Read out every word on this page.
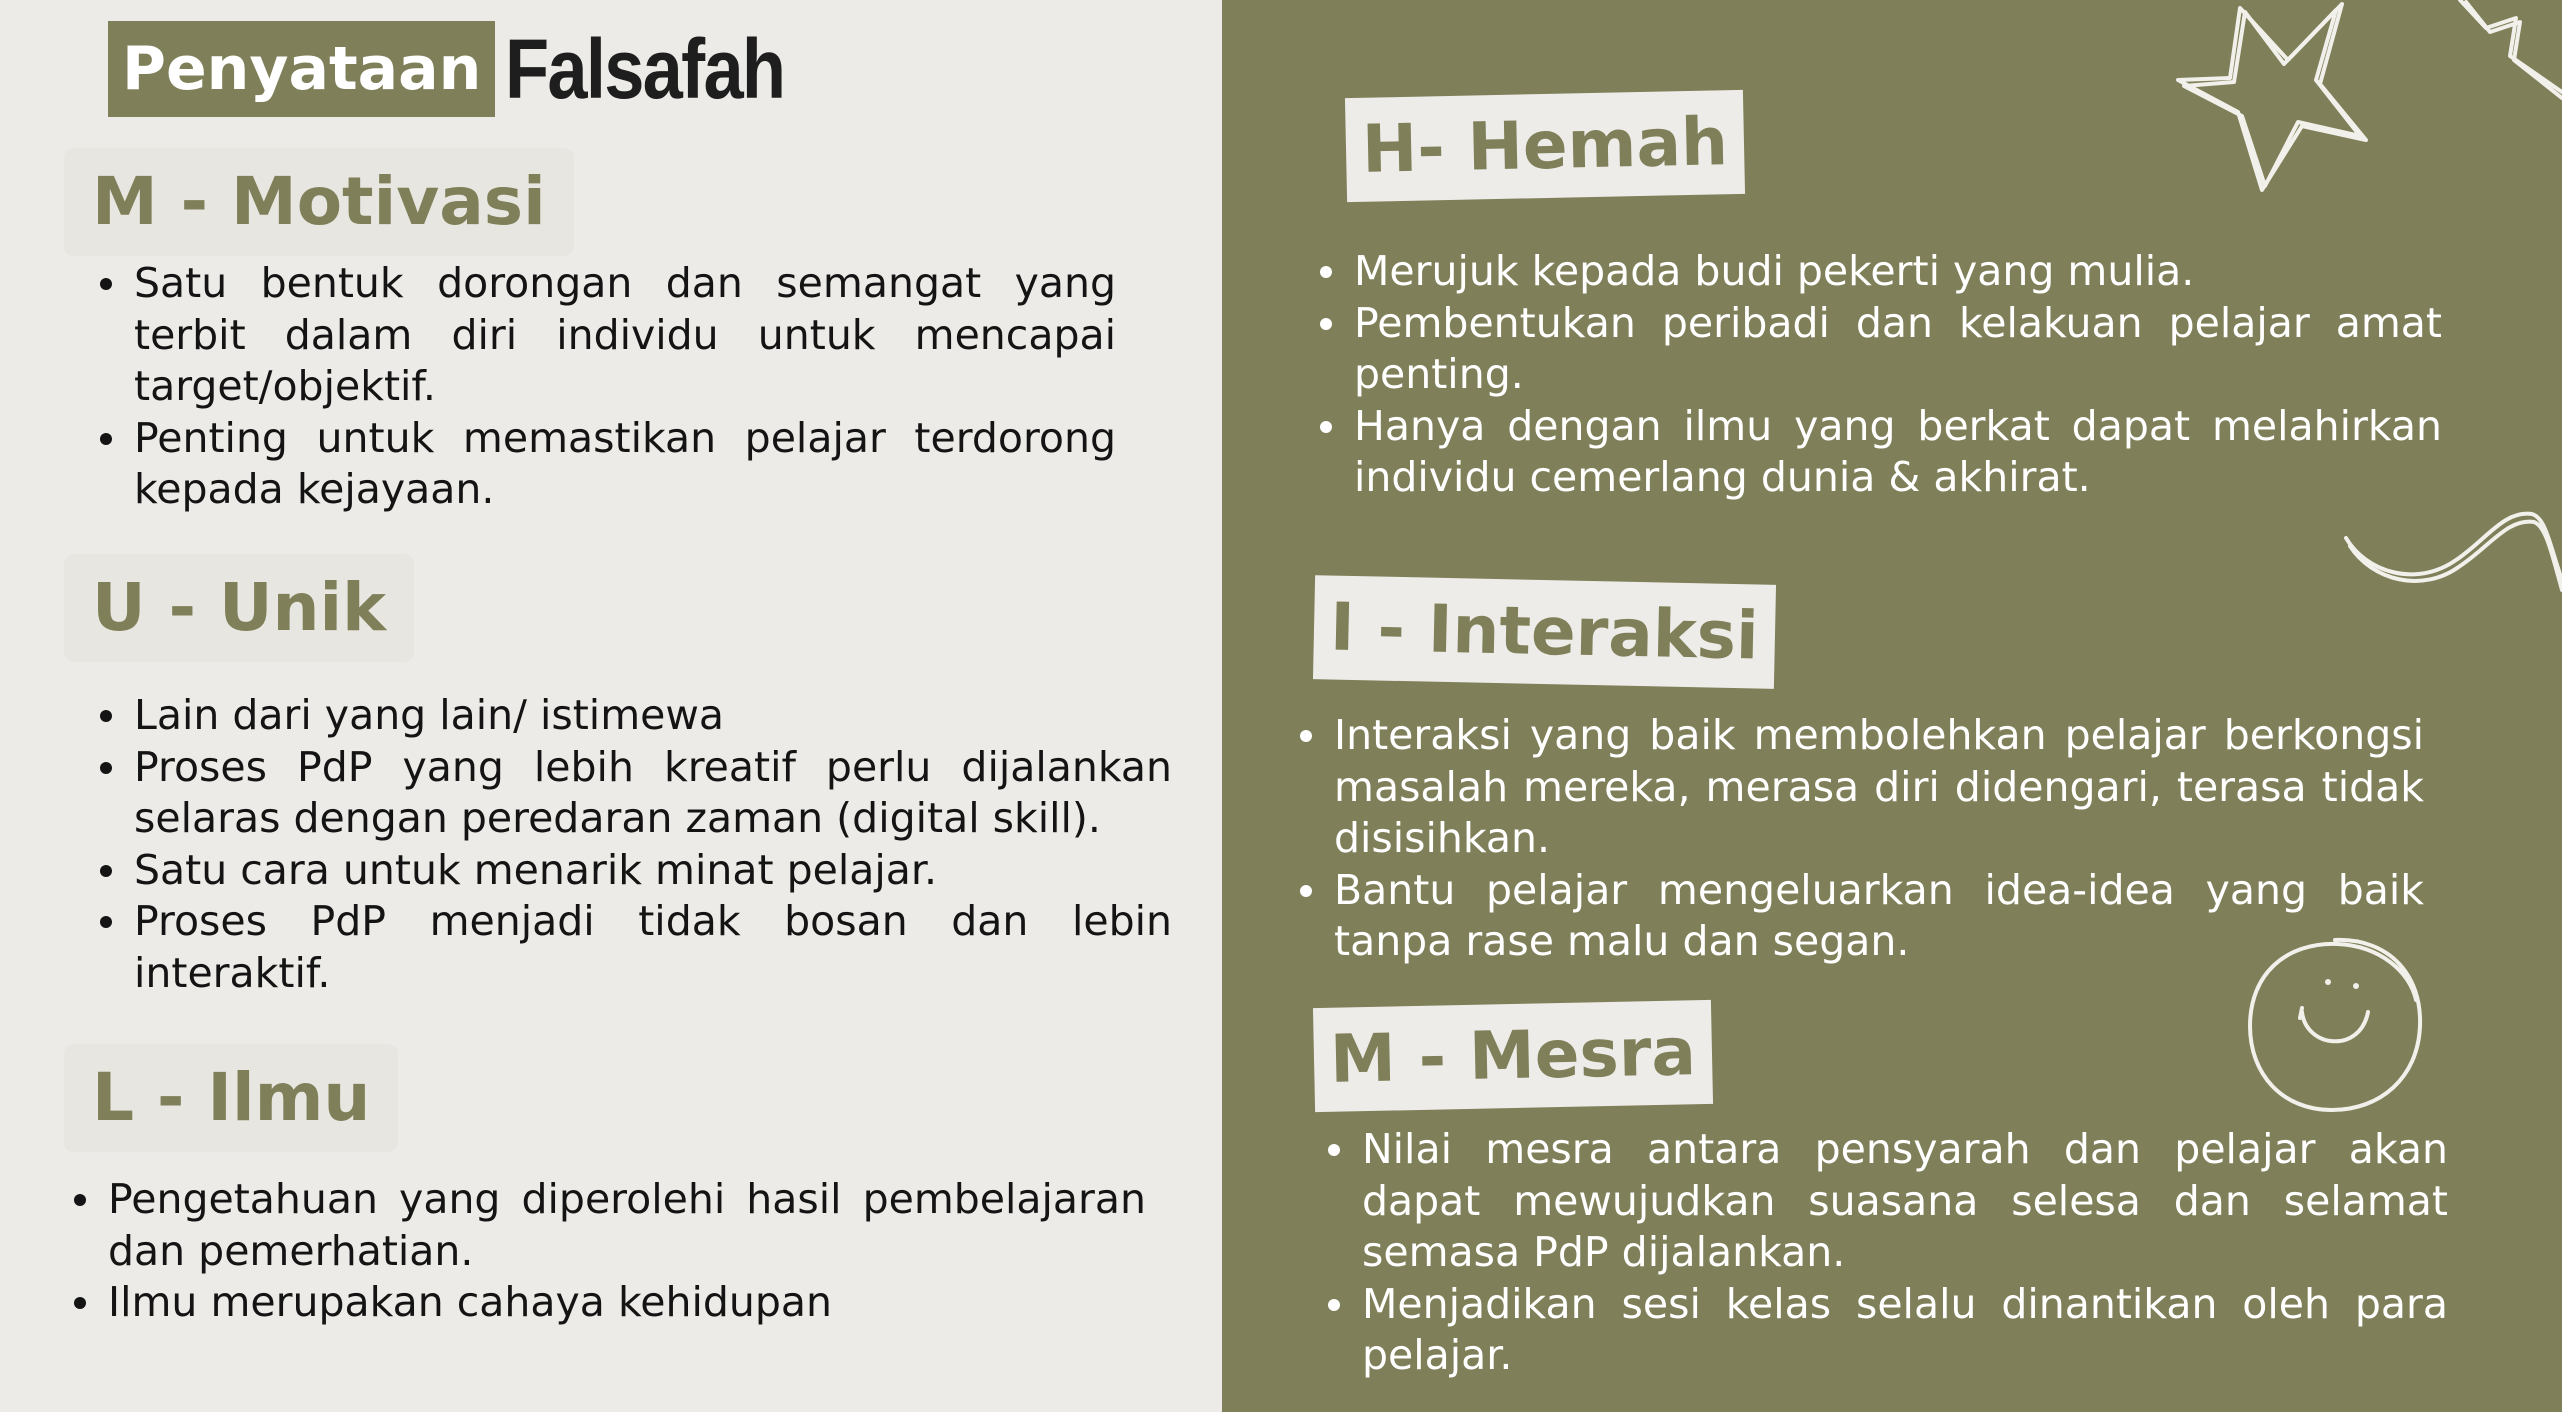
Penyataan Falsafah
M - Motivasi
Satu bentuk dorongan dan semangat yang terbit dalam diri individu untuk mencapai target/objektif.
Penting untuk memastikan pelajar terdorong kepada kejayaan.
U - Unik
Lain dari yang lain/ istimewa
Proses PdP yang lebih kreatif perlu dijalankan selaras dengan peredaran zaman (digital skill).
Satu cara untuk menarik minat pelajar.
Proses PdP menjadi tidak bosan dan lebin interaktif.
L - Ilmu
Pengetahuan yang diperolehi hasil pembelajaran dan pemerhatian.
Ilmu merupakan cahaya kehidupan
H- Hemah
Merujuk kepada budi pekerti yang mulia.
Pembentukan peribadi dan kelakuan pelajar amat penting.
Hanya dengan ilmu yang berkat dapat melahirkan individu cemerlang dunia & akhirat.
I - Interaksi
Interaksi yang baik membolehkan pelajar berkongsi masalah mereka, merasa diri didengari, terasa tidak disisihkan.
Bantu pelajar mengeluarkan idea-idea yang baik tanpa rase malu dan segan.
M - Mesra
Nilai mesra antara pensyarah dan pelajar akan dapat mewujudkan suasana selesa dan selamat semasa PdP dijalankan.
Menjadikan sesi kelas selalu dinantikan oleh para pelajar.
